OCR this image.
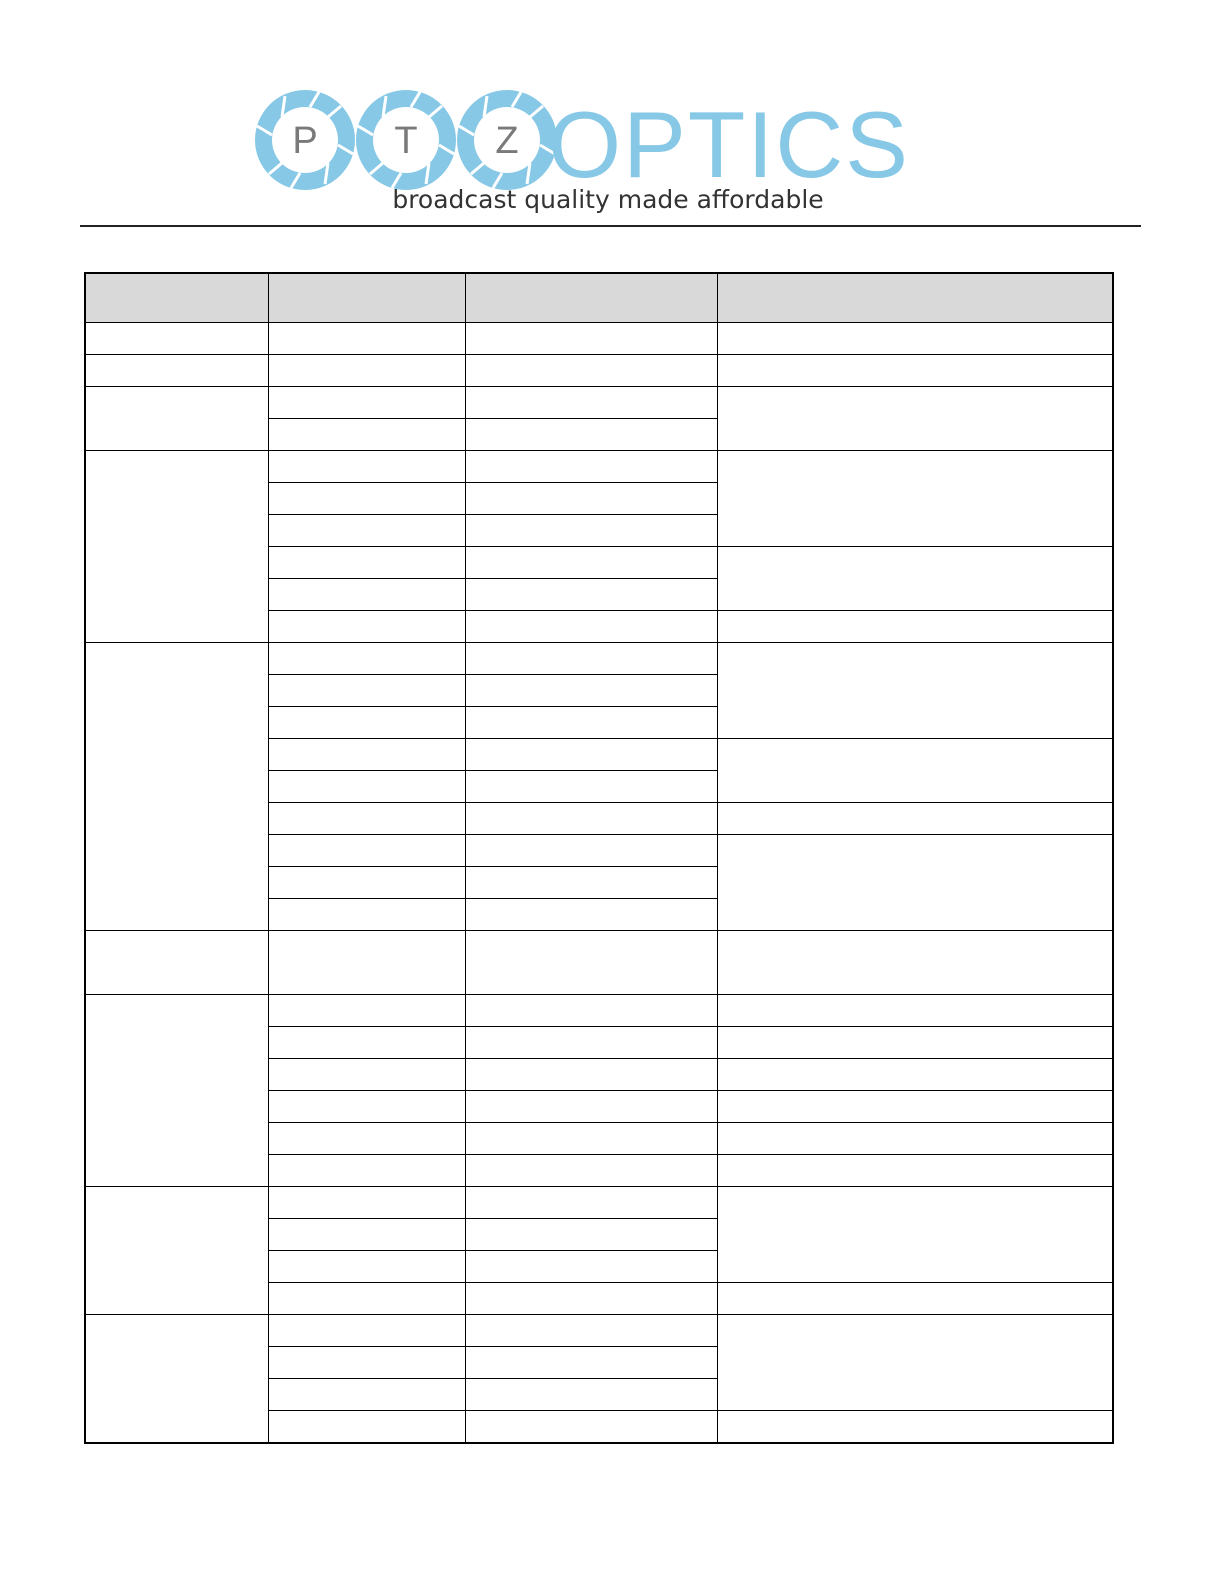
P T Z OPTICS
broadcast quality made affordable
